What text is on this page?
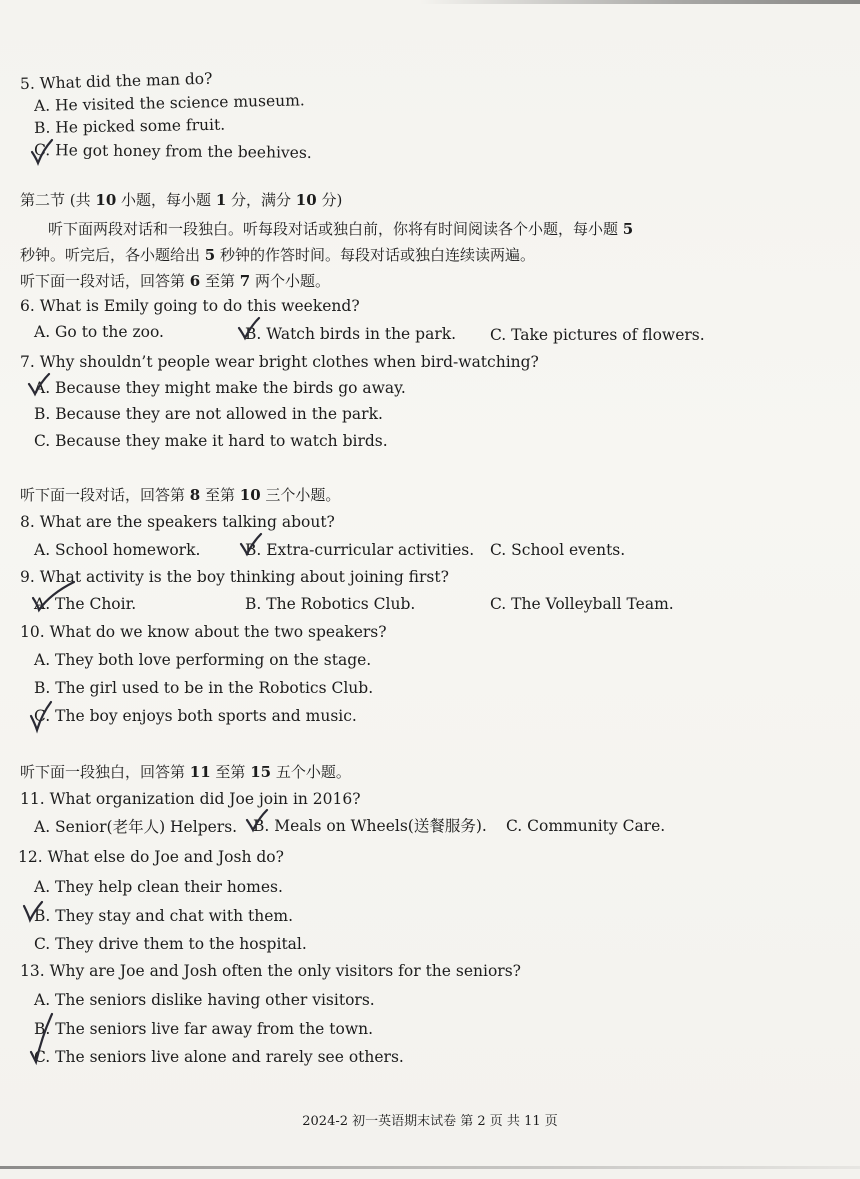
5. What did the man do?
A. He visited the science museum.
B. He picked some fruit.
C. He got honey from the beehives.
第二节 (共 10 小题，每小题 1 分，满分 10 分)
听下面两段对话和一段独白。听每段对话或独白前，你将有时间阅读各个小题，每小题 5
秒钟。听完后，各小题给出 5 秒钟的作答时间。每段对话或独白连续读两遍。
听下面一段对话，回答第 6 至第 7 两个小题。
6. What is Emily going to do this weekend?
A. Go to the zoo.	B. Watch birds in the park. C. Take pictures of flowers.
7. Why shouldn’t people wear bright clothes when bird-watching?
A. Because they might make the birds go away.
B. Because they are not allowed in the park.
C. Because they make it hard to watch birds.
听下面一段对话，回答第 8 至第 10 三个小题。
8. What are the speakers talking about?
A. School homework.	B. Extra-curricular activities. C. School events.
9. What activity is the boy thinking about joining first?
A. The Choir.	B. The Robotics Club.	C. The Volleyball Team.
10. What do we know about the two speakers?
A. They both love performing on the stage.
B. The girl used to be in the Robotics Club.
C. The boy enjoys both sports and music.
听下面一段独白，回答第 11 至第 15 五个小题。
11. What organization did Joe join in 2016?
A. Senior(老年人) Helpers. B. Meals on Wheels(送餐服务). C. Community Care.
12. What else do Joe and Josh do?
A. They help clean their homes.
B. They stay and chat with them.
C. They drive them to the hospital.
13. Why are Joe and Josh often the only visitors for the seniors?
A. The seniors dislike having other visitors.
B. The seniors live far away from the town.
C. The seniors live alone and rarely see others.
2024-2 初一英语期末试卷 第 2 页 共 11 页
